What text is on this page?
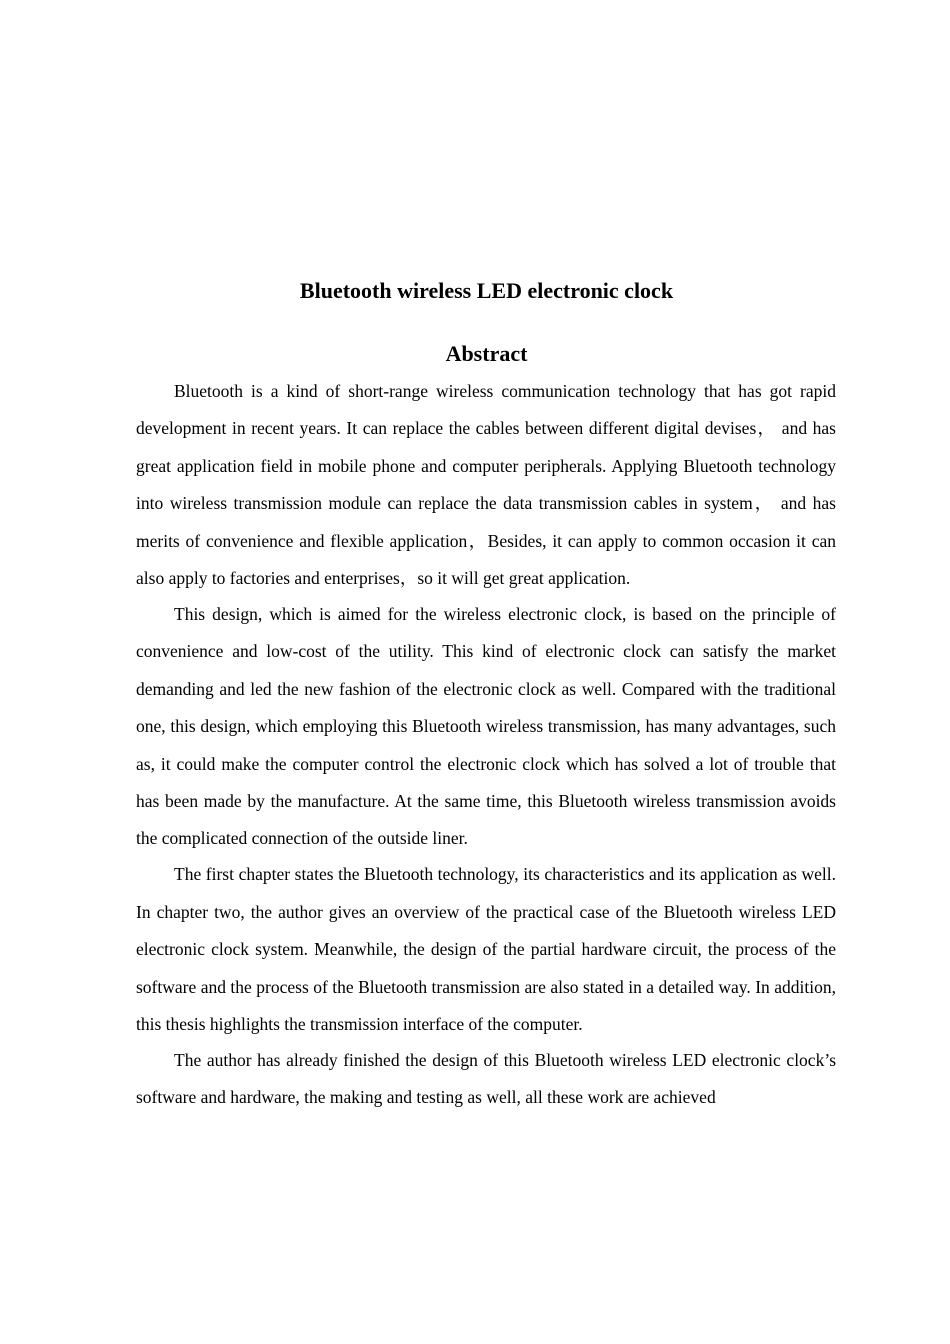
Bluetooth wireless LED electronic clock
Abstract

Bluetooth is a kind of short-range wireless communication technology that has got rapid development in recent years. It can replace the cables between different digital devises， and has great application field in mobile phone and computer peripherals. Applying Bluetooth technology into wireless transmission module can replace the data transmission cables in system， and has merits of convenience and flexible application，Besides, it can apply to common occasion it can also apply to factories and enterprises，so it will get great application.

This design, which is aimed for the wireless electronic clock, is based on the principle of convenience and low-cost of the utility. This kind of electronic clock can satisfy the market demanding and led the new fashion of the electronic clock as well. Compared with the traditional one, this design, which employing this Bluetooth wireless transmission, has many advantages, such as, it could make the computer control the electronic clock which has solved a lot of trouble that has been made by the manufacture. At the same time, this Bluetooth wireless transmission avoids the complicated connection of the outside liner.

The first chapter states the Bluetooth technology, its characteristics and its application as well. In chapter two, the author gives an overview of the practical case of the Bluetooth wireless LED electronic clock system. Meanwhile, the design of the partial hardware circuit, the process of the software and the process of the Bluetooth transmission are also stated in a detailed way. In addition, this thesis highlights the transmission interface of the computer.

The author has already finished the design of this Bluetooth wireless LED electronic clock’s software and hardware, the making and testing as well, all these work are achieved
